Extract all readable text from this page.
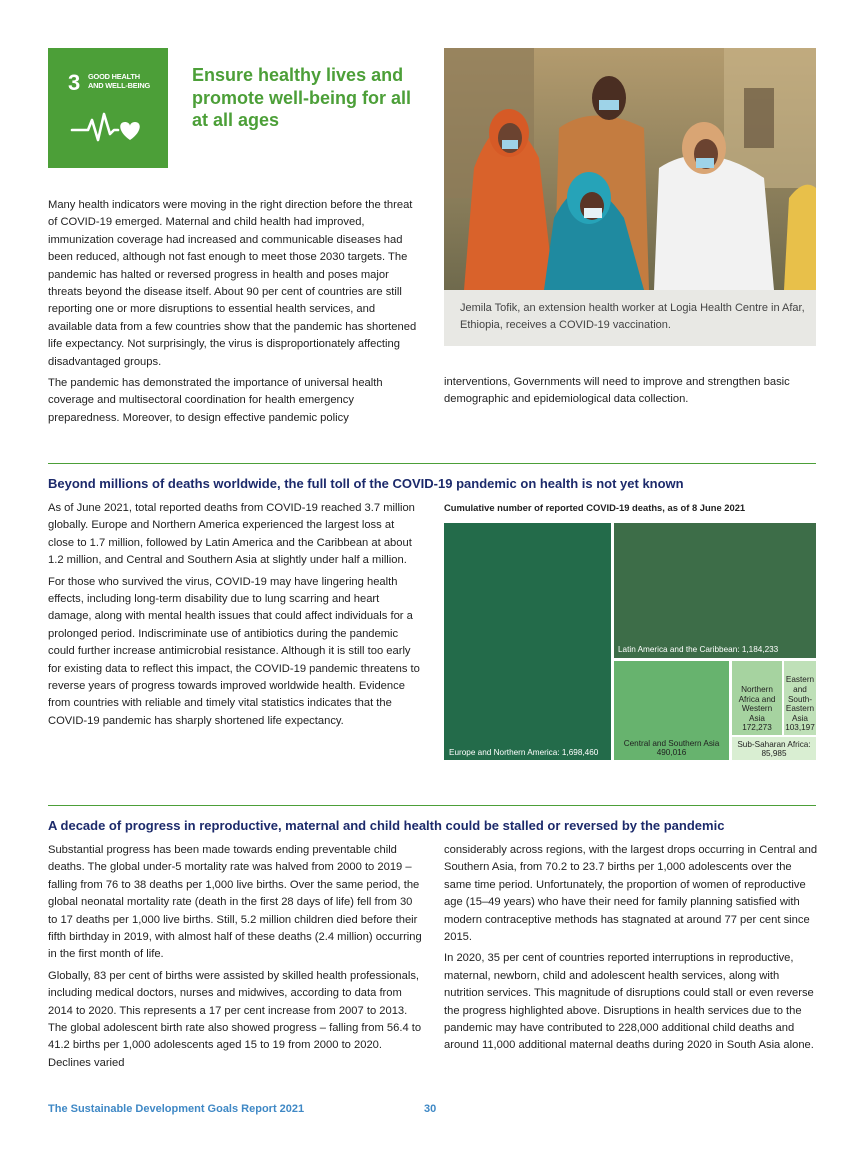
3 GOOD HEALTH
AND WELL-BEING
Ensure healthy lives and promote well-being for all at all ages

Many health indicators were moving in the right direction before the threat of COVID-19 emerged. Maternal and child health had improved, immunization coverage had increased and communicable diseases had been reduced, although not fast enough to meet those 2030 targets. The pandemic has halted or reversed progress in health and poses major threats beyond the disease itself. About 90 per cent of countries are still reporting one or more disruptions to essential health services, and available data from a few countries show that the pandemic has shortened life expectancy. Not surprisingly, the virus is disproportionately affecting disadvantaged groups.

The pandemic has demonstrated the importance of universal health coverage and multisectoral coordination for health emergency preparedness. Moreover, to design effective pandemic policy

interventions, Governments will need to improve and strengthen basic demographic and epidemiological data collection.

Jemila Tofik, an extension health worker at Logia Health Centre in Afar, Ethiopia, receives a COVID-19 vaccination.
Beyond millions of deaths worldwide, the full toll of the COVID-19 pandemic on health is not yet known

As of June 2021, total reported deaths from COVID-19 reached 3.7 million globally. Europe and Northern America experienced the largest loss at close to 1.7 million, followed by Latin America and the Caribbean at about 1.2 million, and Central and Southern Asia at slightly under half a million.

For those who survived the virus, COVID-19 may have lingering health effects, including long-term disability due to lung scarring and heart damage, along with mental health issues that could affect individuals for a prolonged period. Indiscriminate use of antibiotics during the pandemic could further increase antimicrobial resistance. Although it is still too early for existing data to reflect this impact, the COVID-19 pandemic threatens to reverse years of progress towards improved worldwide health. Evidence from countries with reliable and timely vital statistics indicates that the COVID-19 pandemic has sharply shortened life expectancy.

Cumulative number of reported COVID-19 deaths, as of 8 June 2021
Europe and Northern America: 1,698,460
Latin America and the Caribbean: 1,184,233
Central and Southern Asia
490,016
Northern Africa and Western Asia
172,273
Eastern and South-Eastern Asia
103,197
Sub-Saharan Africa:
85,985
A decade of progress in reproductive, maternal and child health could be stalled or reversed by the pandemic

Substantial progress has been made towards ending preventable child deaths. The global under-5 mortality rate was halved from 2000 to 2019 – falling from 76 to 38 deaths per 1,000 live births. Over the same period, the global neonatal mortality rate (death in the first 28 days of life) fell from 30 to 17 deaths per 1,000 live births. Still, 5.2 million children died before their fifth birthday in 2019, with almost half of these deaths (2.4 million) occurring in the first month of life.

Globally, 83 per cent of births were assisted by skilled health professionals, including medical doctors, nurses and midwives, according to data from 2014 to 2020. This represents a 17 per cent increase from 2007 to 2013. The global adolescent birth rate also showed progress – falling from 56.4 to 41.2 births per 1,000 adolescents aged 15 to 19 from 2000 to 2020. Declines varied

considerably across regions, with the largest drops occurring in Central and Southern Asia, from 70.2 to 23.7 births per 1,000 adolescents over the same time period. Unfortunately, the proportion of women of reproductive age (15–49 years) who have their need for family planning satisfied with modern contraceptive methods has stagnated at around 77 per cent since 2015.

In 2020, 35 per cent of countries reported interruptions in reproductive, maternal, newborn, child and adolescent health services, along with nutrition services. This magnitude of disruptions could stall or even reverse the progress highlighted above. Disruptions in health services due to the pandemic may have contributed to 228,000 additional child deaths and around 11,000 additional maternal deaths during 2020 in South Asia alone.

The Sustainable Development Goals Report 2021	30
